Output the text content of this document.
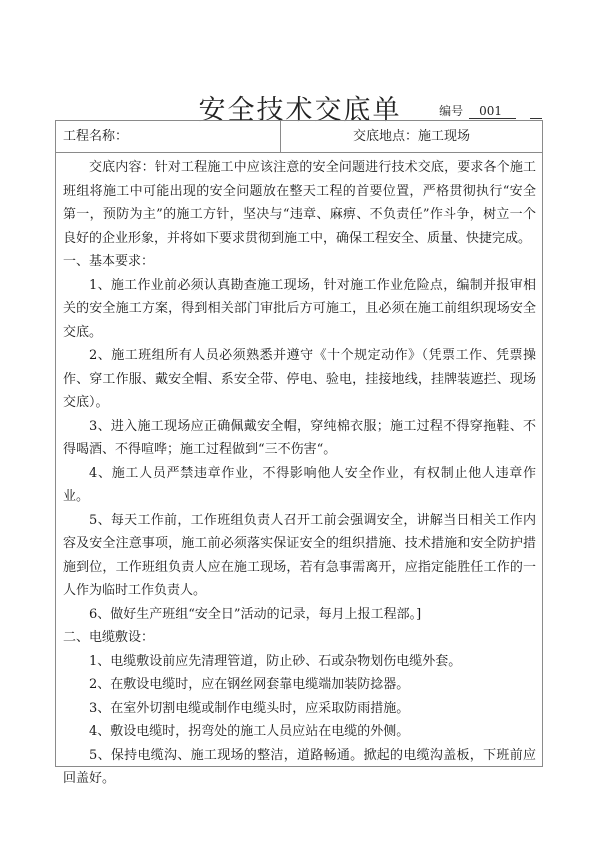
安全技术交底单	编号 001
工程名称：	交底地点：施工现场

交底内容：针对工程施工中应该注意的安全问题进行技术交底，要求各个施工班组将施工中可能出现的安全问题放在整天工程的首要位置，严格贯彻执行“安全第一，预防为主”的施工方针，坚决与“违章、麻痹、不负责任”作斗争，树立一个良好的企业形象，并将如下要求贯彻到施工中，确保工程安全、质量、快捷完成。

一、基本要求：

1、施工作业前必须认真勘查施工现场，针对施工作业危险点，编制并报审相关的安全施工方案，得到相关部门审批后方可施工，且必须在施工前组织现场安全交底。

2、施工班组所有人员必须熟悉并遵守《十个规定动作》（凭票工作、凭票操作、穿工作服、戴安全帽、系安全带、停电、验电，挂接地线，挂牌装遮拦、现场交底）。

3、进入施工现场应正确佩戴安全帽，穿纯棉衣服；施工过程不得穿拖鞋、不得喝酒、不得喧哗；施工过程做到“三不伤害“。

4、施工人员严禁违章作业，不得影响他人安全作业，有权制止他人违章作业。

5、每天工作前，工作班组负责人召开工前会强调安全，讲解当日相关工作内容及安全注意事项，施工前必须落实保证安全的组织措施、技术措施和安全防护措施到位，工作班组负责人应在施工现场，若有急事需离开，应指定能胜任工作的一人作为临时工作负责人。

6、做好生产班组“安全日”活动的记录，每月上报工程部。]

二、电缆敷设：

1、电缆敷设前应先清理管道，防止砂、石或杂物划伤电缆外套。

2、在敷设电缆时，应在钢丝网套靠电缆端加装防捻器。

3、在室外切割电缆或制作电缆头时，应采取防雨措施。

4、敷设电缆时，拐弯处的施工人员应站在电缆的外侧。

5、保持电缆沟、施工现场的整洁，道路畅通。掀起的电缆沟盖板，下班前应回盖好。
